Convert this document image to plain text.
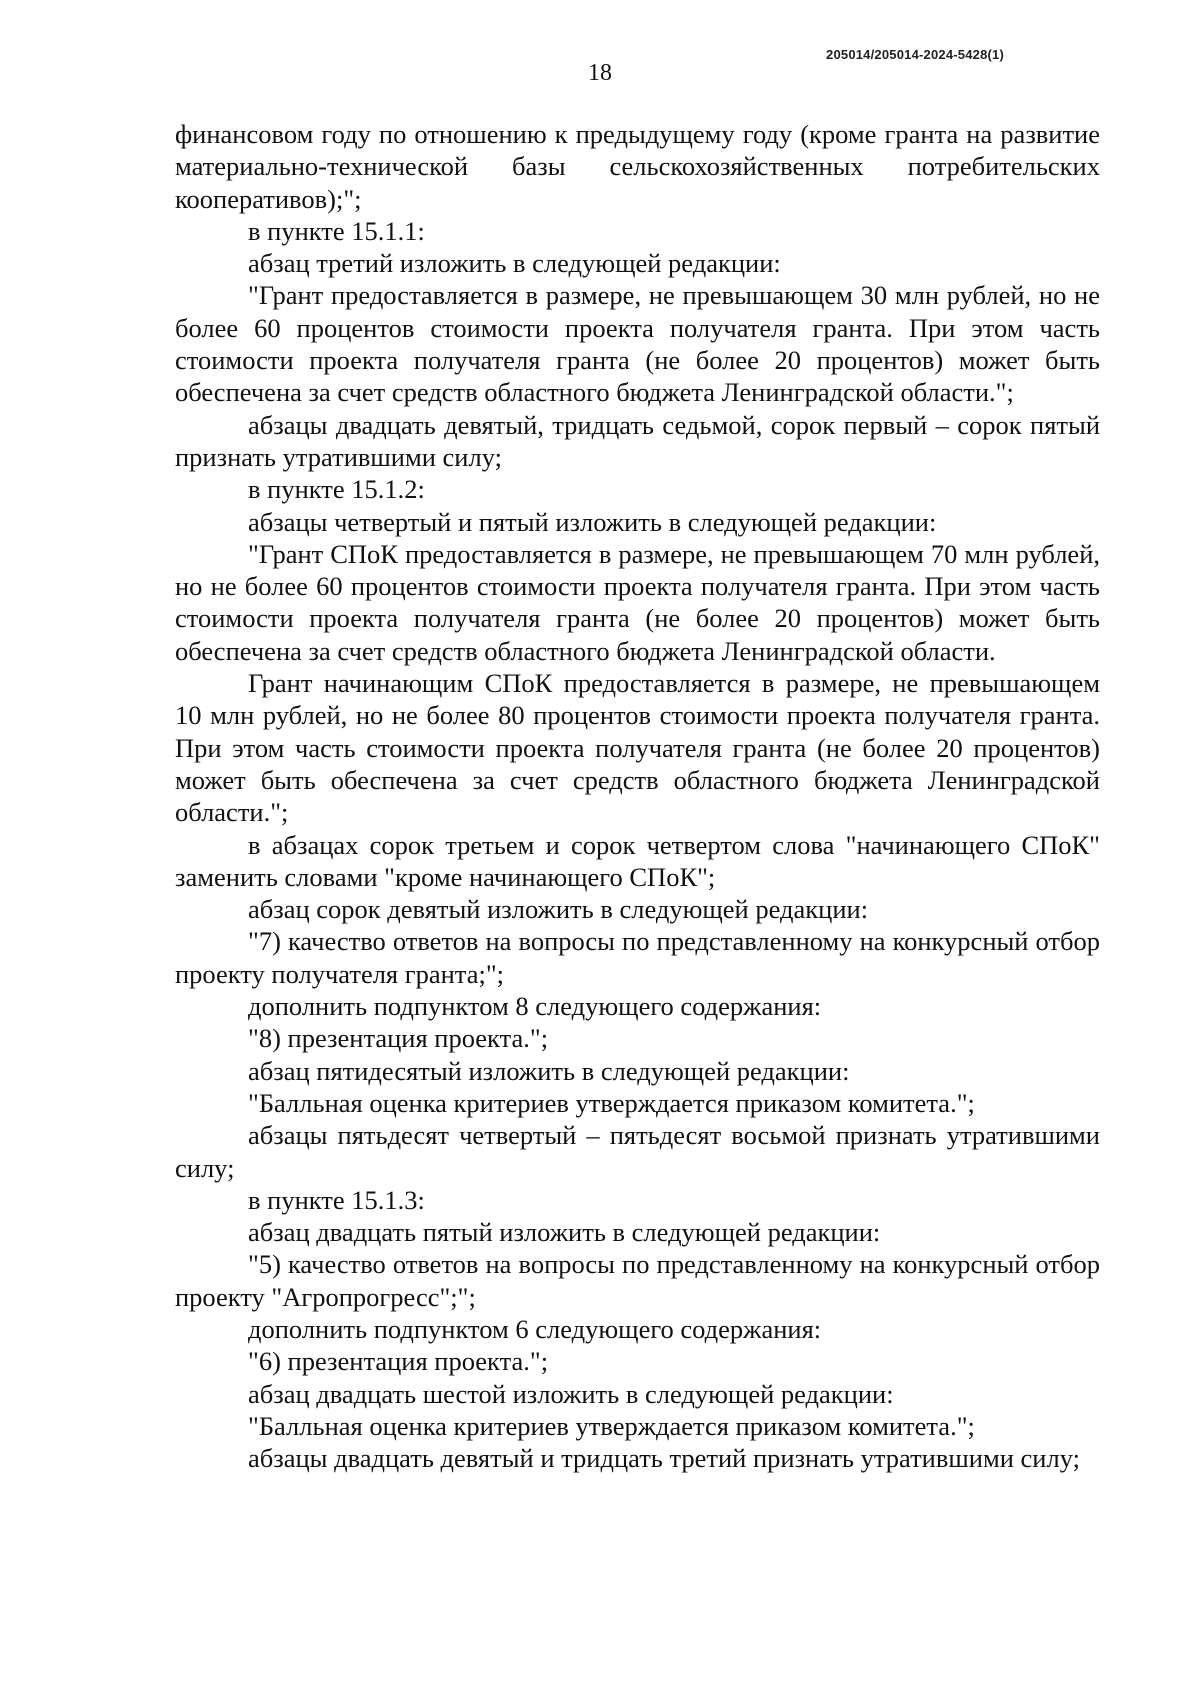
205014/205014-2024-5428(1)
18

финансовом году по отношению к предыдущему году (кроме гранта на развитие материально-технической базы сельскохозяйственных потребительских кооперативов);";

в пункте 15.1.1:

абзац третий изложить в следующей редакции:

"Грант предоставляется в размере, не превышающем 30 млн рублей, но не более 60 процентов стоимости проекта получателя гранта. При этом часть стоимости проекта получателя гранта (не более 20 процентов) может быть обеспечена за счет средств областного бюджета Ленинградской области.";

абзацы двадцать девятый, тридцать седьмой, сорок первый – сорок пятый признать утратившими силу;

в пункте 15.1.2:

абзацы четвертый и пятый изложить в следующей редакции:

"Грант СПоК предоставляется в размере, не превышающем 70 млн рублей, но не более 60 процентов стоимости проекта получателя гранта. При этом часть стоимости проекта получателя гранта (не более 20 процентов) может быть обеспечена за счет средств областного бюджета Ленинградской области.

Грант начинающим СПоК предоставляется в размере, не превышающем 10 млн рублей, но не более 80 процентов стоимости проекта получателя гранта. При этом часть стоимости проекта получателя гранта (не более 20 процентов) может быть обеспечена за счет средств областного бюджета Ленинградской области.";

в абзацах сорок третьем и сорок четвертом слова "начинающего СПоК" заменить словами "кроме начинающего СПоК";

абзац сорок девятый изложить в следующей редакции:

"7) качество ответов на вопросы по представленному на конкурсный отбор проекту получателя гранта;";

дополнить подпунктом 8 следующего содержания:

"8) презентация проекта.";

абзац пятидесятый изложить в следующей редакции:

"Балльная оценка критериев утверждается приказом комитета.";

абзацы пятьдесят четвертый – пятьдесят восьмой признать утратившими силу;

в пункте 15.1.3:

абзац двадцать пятый изложить в следующей редакции:

"5) качество ответов на вопросы по представленному на конкурсный отбор проекту "Агропрогресс";";

дополнить подпунктом 6 следующего содержания:

"6) презентация проекта.";

абзац двадцать шестой изложить в следующей редакции:

"Балльная оценка критериев утверждается приказом комитета.";

абзацы двадцать девятый и тридцать третий признать утратившими силу;
